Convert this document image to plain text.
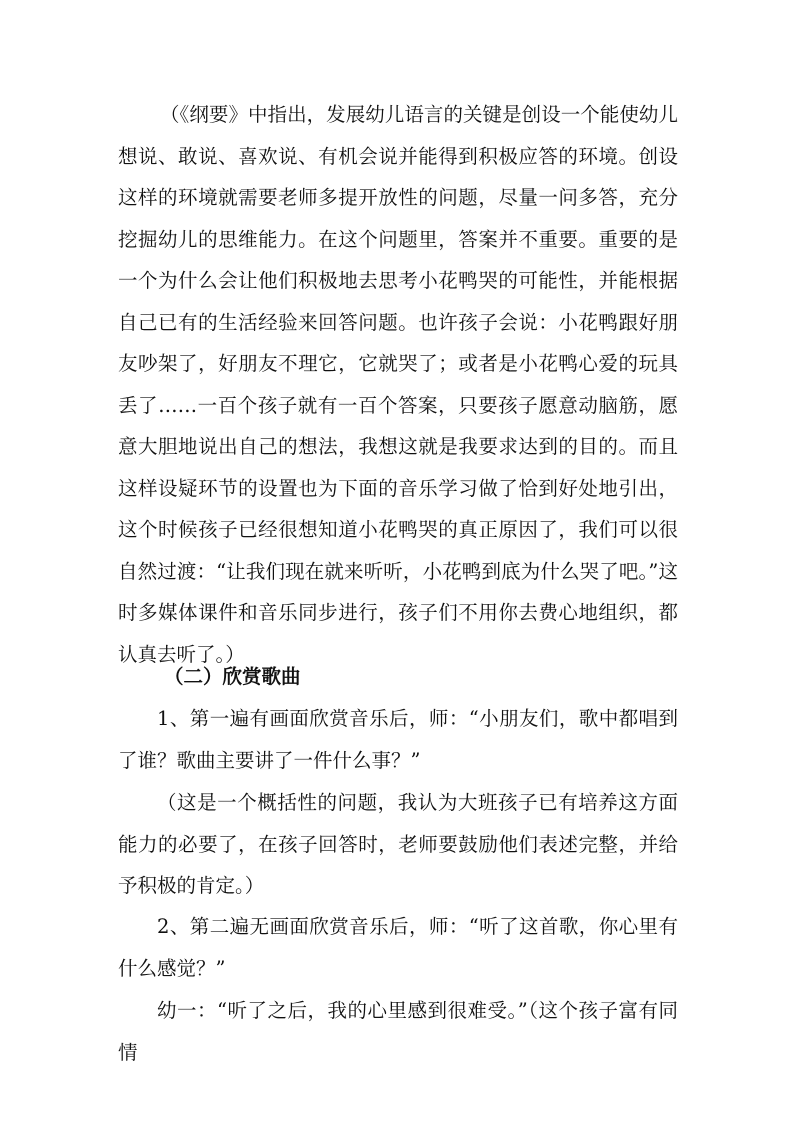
（《纲要》中指出，发展幼儿语言的关键是创设一个能使幼儿想说、敢说、喜欢说、有机会说并能得到积极应答的环境。创设这样的环境就需要老师多提开放性的问题，尽量一问多答，充分挖掘幼儿的思维能力。在这个问题里，答案并不重要。重要的是一个为什么会让他们积极地去思考小花鸭哭的可能性，并能根据自己已有的生活经验来回答问题。也许孩子会说：小花鸭跟好朋友吵架了，好朋友不理它，它就哭了；或者是小花鸭心爱的玩具丢了……一百个孩子就有一百个答案，只要孩子愿意动脑筋，愿意大胆地说出自己的想法，我想这就是我要求达到的目的。而且这样设疑环节的设置也为下面的音乐学习做了恰到好处地引出，这个时候孩子已经很想知道小花鸭哭的真正原因了，我们可以很自然过渡：“让我们现在就来听听，小花鸭到底为什么哭了吧。”这时多媒体课件和音乐同步进行，孩子们不用你去费心地组织，都认真去听了。）

（二）欣赏歌曲

1、第一遍有画面欣赏音乐后，师：“小朋友们，歌中都唱到了谁？歌曲主要讲了一件什么事？”

（这是一个概括性的问题，我认为大班孩子已有培养这方面能力的必要了，在孩子回答时，老师要鼓励他们表述完整，并给予积极的肯定。）

2、第二遍无画面欣赏音乐后，师：“听了这首歌，你心里有什么感觉？”

幼一：“听了之后，我的心里感到很难受。”（这个孩子富有同情
